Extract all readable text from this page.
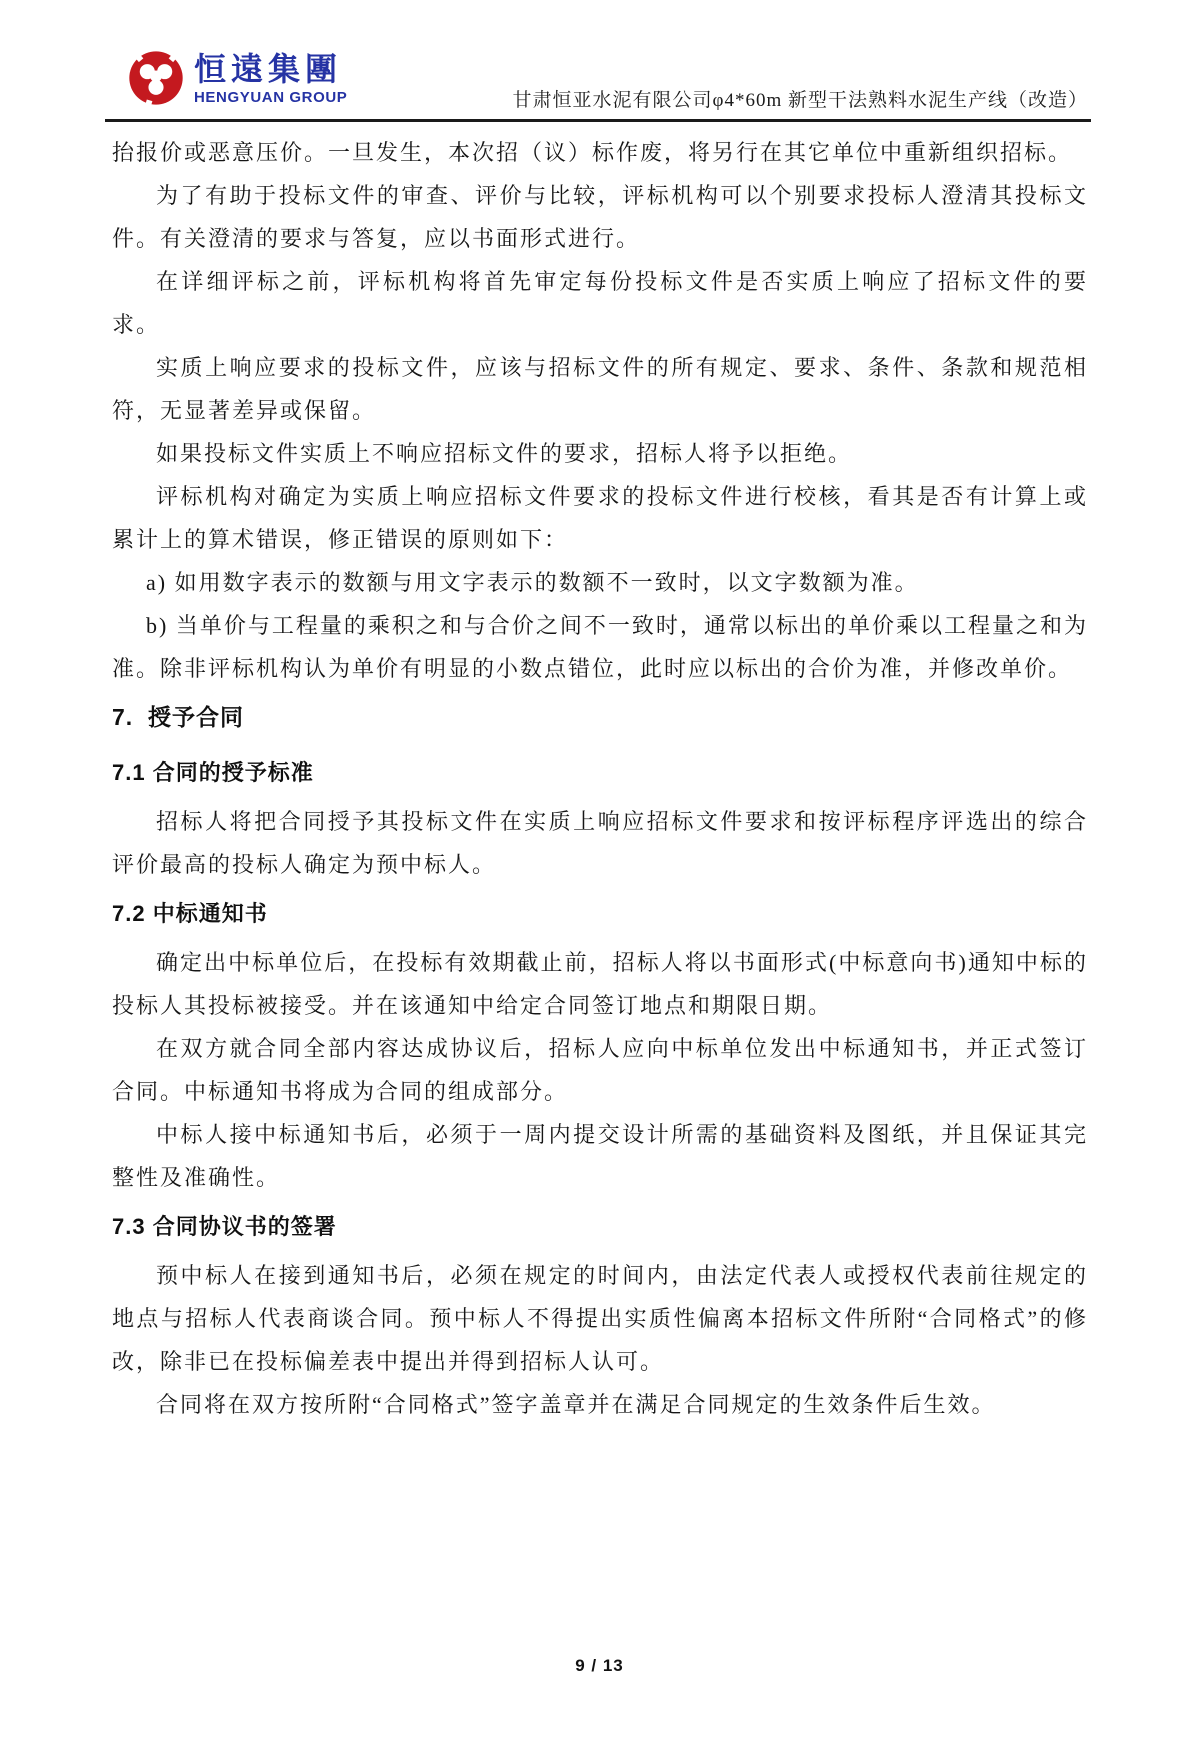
恒遠集團
HENGYUAN GROUP	甘肃恒亚水泥有限公司φ4*60m 新型干法熟料水泥生产线（改造）

抬报价或恶意压价。一旦发生，本次招（议）标作废，将另行在其它单位中重新组织招标。

为了有助于投标文件的审查、评价与比较，评标机构可以个别要求投标人澄清其投标文件。有关澄清的要求与答复，应以书面形式进行。

在详细评标之前，评标机构将首先审定每份投标文件是否实质上响应了招标文件的要求。

实质上响应要求的投标文件，应该与招标文件的所有规定、要求、条件、条款和规范相符，无显著差异或保留。

如果投标文件实质上不响应招标文件的要求，招标人将予以拒绝。

评标机构对确定为实质上响应招标文件要求的投标文件进行校核，看其是否有计算上或累计上的算术错误，修正错误的原则如下：

a) 如用数字表示的数额与用文字表示的数额不一致时，以文字数额为准。

b) 当单价与工程量的乘积之和与合价之间不一致时，通常以标出的单价乘以工程量之和为准。除非评标机构认为单价有明显的小数点错位，此时应以标出的合价为准，并修改单价。

7.  授予合同
7.1 合同的授予标准

招标人将把合同授予其投标文件在实质上响应招标文件要求和按评标程序评选出的综合评价最高的投标人确定为预中标人。

7.2 中标通知书

确定出中标单位后，在投标有效期截止前，招标人将以书面形式(中标意向书)通知中标的投标人其投标被接受。并在该通知中给定合同签订地点和期限日期。

在双方就合同全部内容达成协议后，招标人应向中标单位发出中标通知书，并正式签订合同。中标通知书将成为合同的组成部分。

中标人接中标通知书后，必须于一周内提交设计所需的基础资料及图纸，并且保证其完整性及准确性。

7.3 合同协议书的签署

预中标人在接到通知书后，必须在规定的时间内，由法定代表人或授权代表前往规定的地点与招标人代表商谈合同。预中标人不得提出实质性偏离本招标文件所附“合同格式”的修改，除非已在投标偏差表中提出并得到招标人认可。

合同将在双方按所附“合同格式”签字盖章并在满足合同规定的生效条件后生效。

9 / 13
